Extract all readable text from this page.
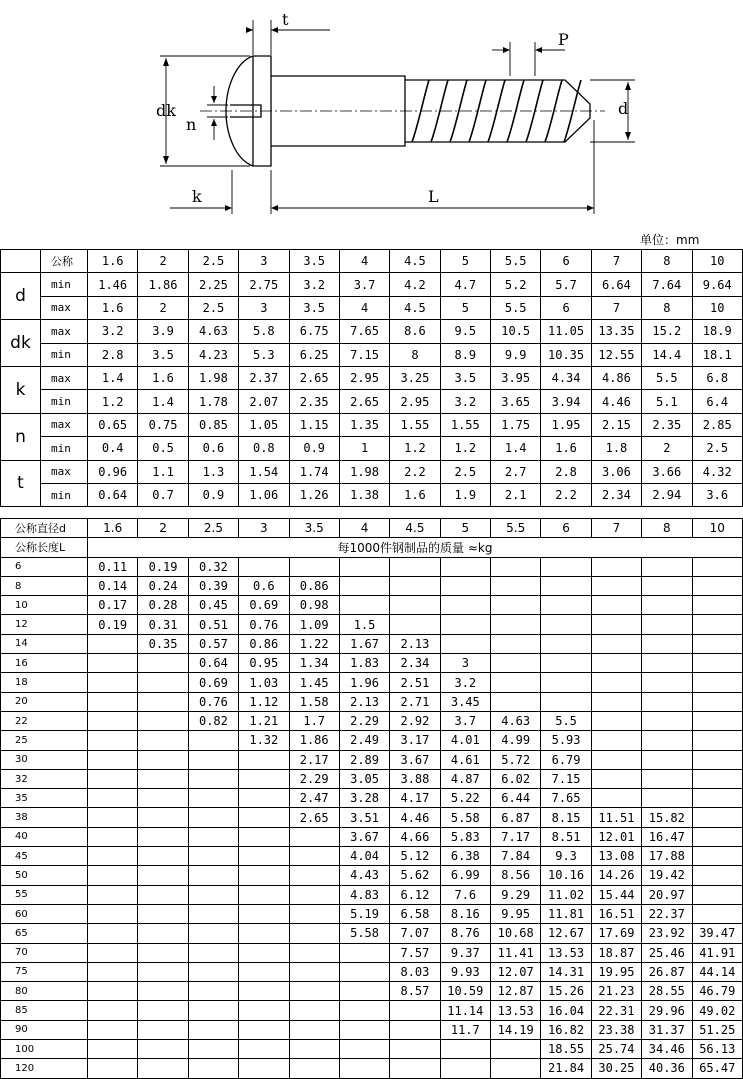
t
P
dk
n
d
k	L
单位：mm
	公称	1.6	2	2.5	3	3.5	4	4.5	5	5.5	6	7	8	10
d	min	1.46	1.86	2.25	2.75	3.2	3.7	4.2	4.7	5.2	5.7	6.64	7.64	9.64
	max	1.6	2	2.5	3	3.5	4	4.5	5	5.5	6	7	8	10
dk	max	3.2	3.9	4.63	5.8	6.75	7.65	8.6	9.5	10.5	11.05	13.35	15.2	18.9
	min	2.8	3.5	4.23	5.3	6.25	7.15	8	8.9	9.9	10.35	12.55	14.4	18.1
k	max	1.4	1.6	1.98	2.37	2.65	2.95	3.25	3.5	3.95	4.34	4.86	5.5	6.8
	min	1.2	1.4	1.78	2.07	2.35	2.65	2.95	3.2	3.65	3.94	4.46	5.1	6.4
n	max	0.65	0.75	0.85	1.05	1.15	1.35	1.55	1.55	1.75	1.95	2.15	2.35	2.85
	min	0.4	0.5	0.6	0.8	0.9	1	1.2	1.2	1.4	1.6	1.8	2	2.5
t	max	0.96	1.1	1.3	1.54	1.74	1.98	2.2	2.5	2.7	2.8	3.06	3.66	4.32
	min	0.64	0.7	0.9	1.06	1.26	1.38	1.6	1.9	2.1	2.2	2.34	2.94	3.6
公称直径d	1.6	2	2.5	3	3.5	4	4.5	5	5.5	6	7	8	10
公称长度L	每1000件钢制品的质量 ≈kg												
6	0.11	0.19	0.32										
8	0.14	0.24	0.39	0.6	0.86								
10	0.17	0.28	0.45	0.69	0.98								
12	0.19	0.31	0.51	0.76	1.09	1.5							
14		0.35	0.57	0.86	1.22	1.67	2.13						
16			0.64	0.95	1.34	1.83	2.34	3					
18			0.69	1.03	1.45	1.96	2.51	3.2					
20			0.76	1.12	1.58	2.13	2.71	3.45					
22			0.82	1.21	1.7	2.29	2.92	3.7	4.63	5.5			
25				1.32	1.86	2.49	3.17	4.01	4.99	5.93			
30					2.17	2.89	3.67	4.61	5.72	6.79			
32					2.29	3.05	3.88	4.87	6.02	7.15			
35					2.47	3.28	4.17	5.22	6.44	7.65			
38					2.65	3.51	4.46	5.58	6.87	8.15	11.51	15.82	
40						3.67	4.66	5.83	7.17	8.51	12.01	16.47	
45						4.04	5.12	6.38	7.84	9.3	13.08	17.88	
50						4.43	5.62	6.99	8.56	10.16	14.26	19.42	
55						4.83	6.12	7.6	9.29	11.02	15.44	20.97	
60						5.19	6.58	8.16	9.95	11.81	16.51	22.37	
65						5.58	7.07	8.76	10.68	12.67	17.69	23.92	39.47
70							7.57	9.37	11.41	13.53	18.87	25.46	41.91
75							8.03	9.93	12.07	14.31	19.95	26.87	44.14
80							8.57	10.59	12.87	15.26	21.23	28.55	46.79
85								11.14	13.53	16.04	22.31	29.96	49.02
90								11.7	14.19	16.82	23.38	31.37	51.25
100										18.55	25.74	34.46	56.13
120										21.84	30.25	40.36	65.47
